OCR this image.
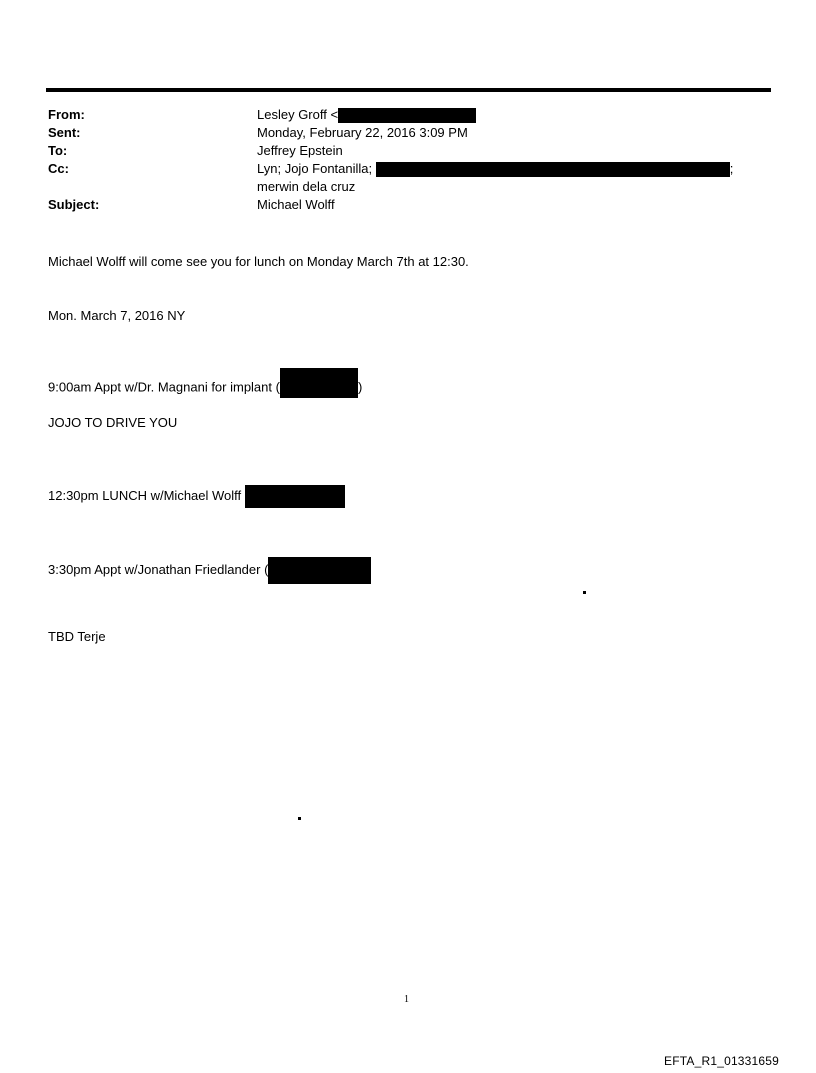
From:	Lesley Groff <
Sent:	Monday, February 22, 2016 3:09 PM
To:	Jeffrey Epstein
Cc:	Lyn; Jojo Fontanilla;	;
merwin dela cruz
Subject:	Michael Wolff
Michael Wolff will come see you for lunch on Monday March 7th at 12:30.
Mon. March 7, 2016 NY
9:00am Appt w/Dr. Magnani for implant (	)
JOJO TO DRIVE YOU
12:30pm LUNCH w/Michael Wolff
3:30pm Appt w/Jonathan Friedlander (
TBD Terje
1
EFTA_R1_01331659
